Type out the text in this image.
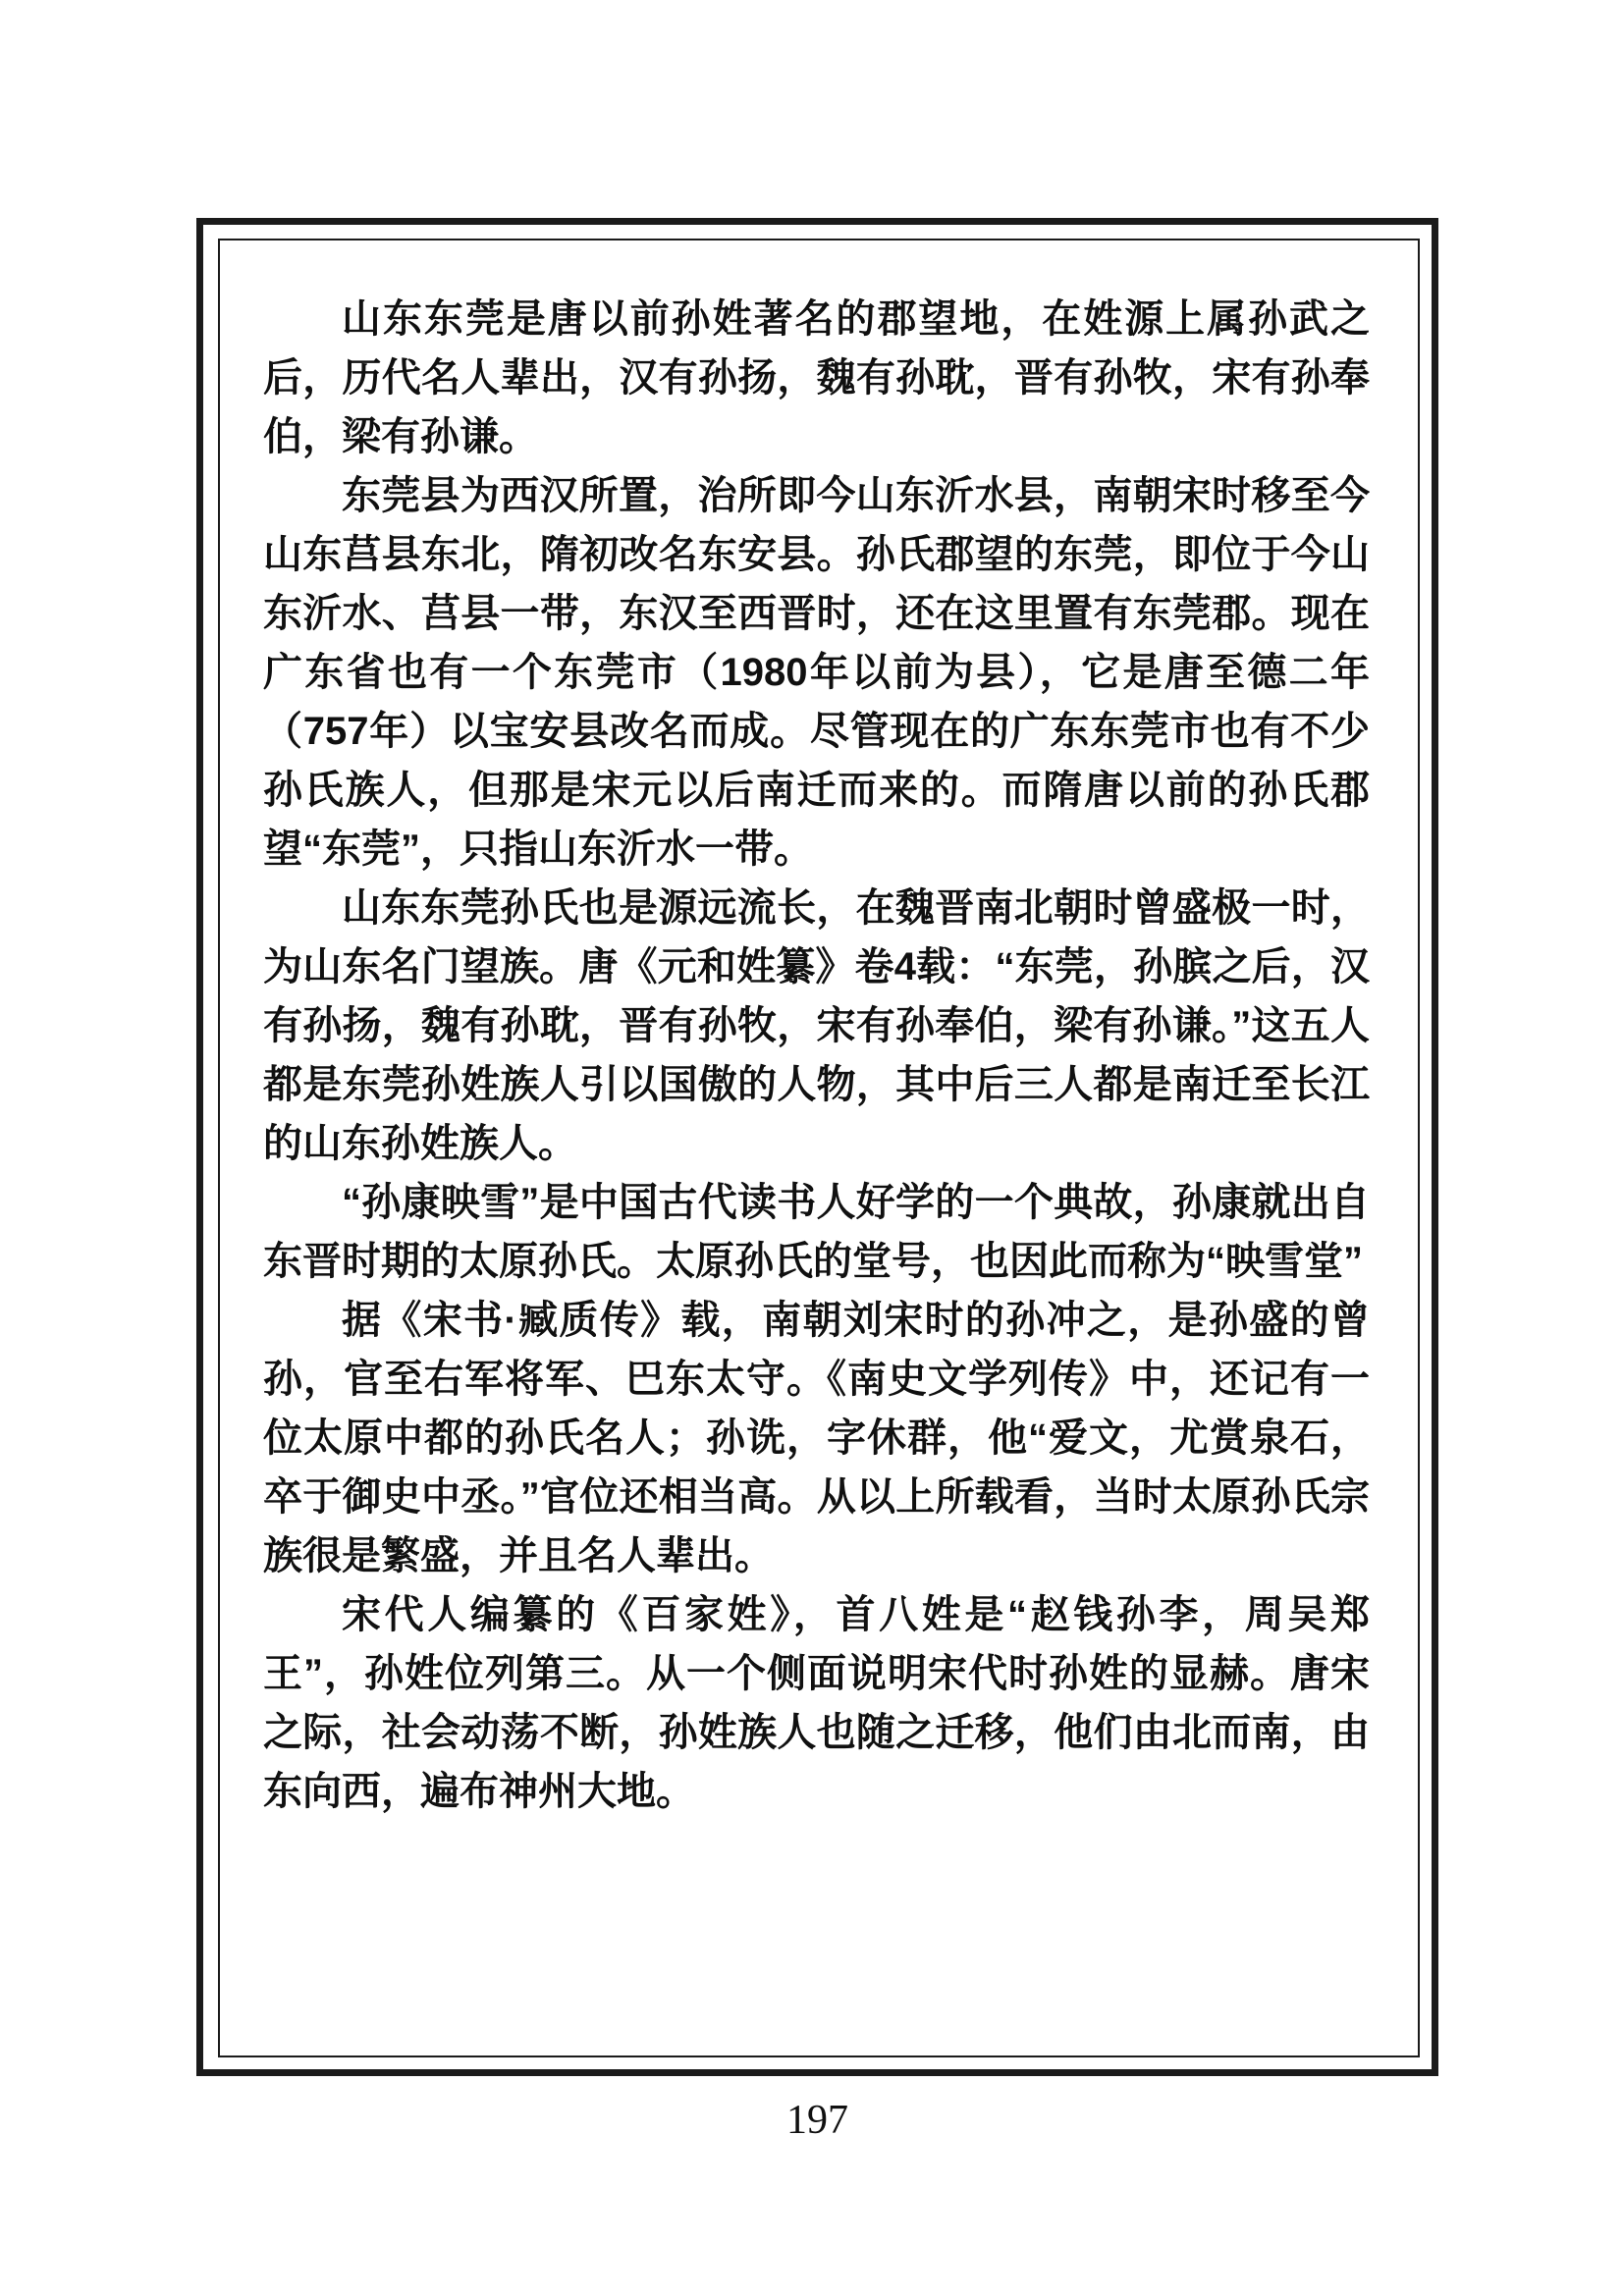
山东东莞是唐以前孙姓著名的郡望地，在姓源上属孙武之后，历代名人辈出，汉有孙扬，魏有孙耽，晋有孙牧，宋有孙奉伯，梁有孙谦。

东莞县为西汉所置，治所即今山东沂水县，南朝宋时移至今山东莒县东北，隋初改名东安县。孙氏郡望的东莞，即位于今山东沂水、莒县一带，东汉至西晋时，还在这里置有东莞郡。现在广东省也有一个东莞市（1980年以前为县），它是唐至德二年（757年）以宝安县改名而成。尽管现在的广东东莞市也有不少孙氏族人，但那是宋元以后南迁而来的。而隋唐以前的孙氏郡望“东莞”，只指山东沂水一带。

山东东莞孙氏也是源远流长，在魏晋南北朝时曾盛极一时，为山东名门望族。唐《元和姓纂》卷4载：“东莞，孙膑之后，汉有孙扬，魏有孙耽，晋有孙牧，宋有孙奉伯，梁有孙谦。”这五人都是东莞孙姓族人引以国傲的人物，其中后三人都是南迁至长江的山东孙姓族人。

“孙康映雪”是中国古代读书人好学的一个典故，孙康就出自东晋时期的太原孙氏。太原孙氏的堂号，也因此而称为“映雪堂”

据《宋书·臧质传》载，南朝刘宋时的孙冲之，是孙盛的曾孙，官至右军将军、巴东太守。《南史文学列传》中，还记有一位太原中都的孙氏名人；孙诜，字休群，他“爱文，尤赏泉石，卒于御史中丞。”官位还相当高。从以上所载看，当时太原孙氏宗族很是繁盛，并且名人辈出。

宋代人编纂的《百家姓》，首八姓是“赵钱孙李，周吴郑王”，孙姓位列第三。从一个侧面说明宋代时孙姓的显赫。唐宋之际，社会动荡不断，孙姓族人也随之迁移，他们由北而南，由东向西，遍布神州大地。

197
